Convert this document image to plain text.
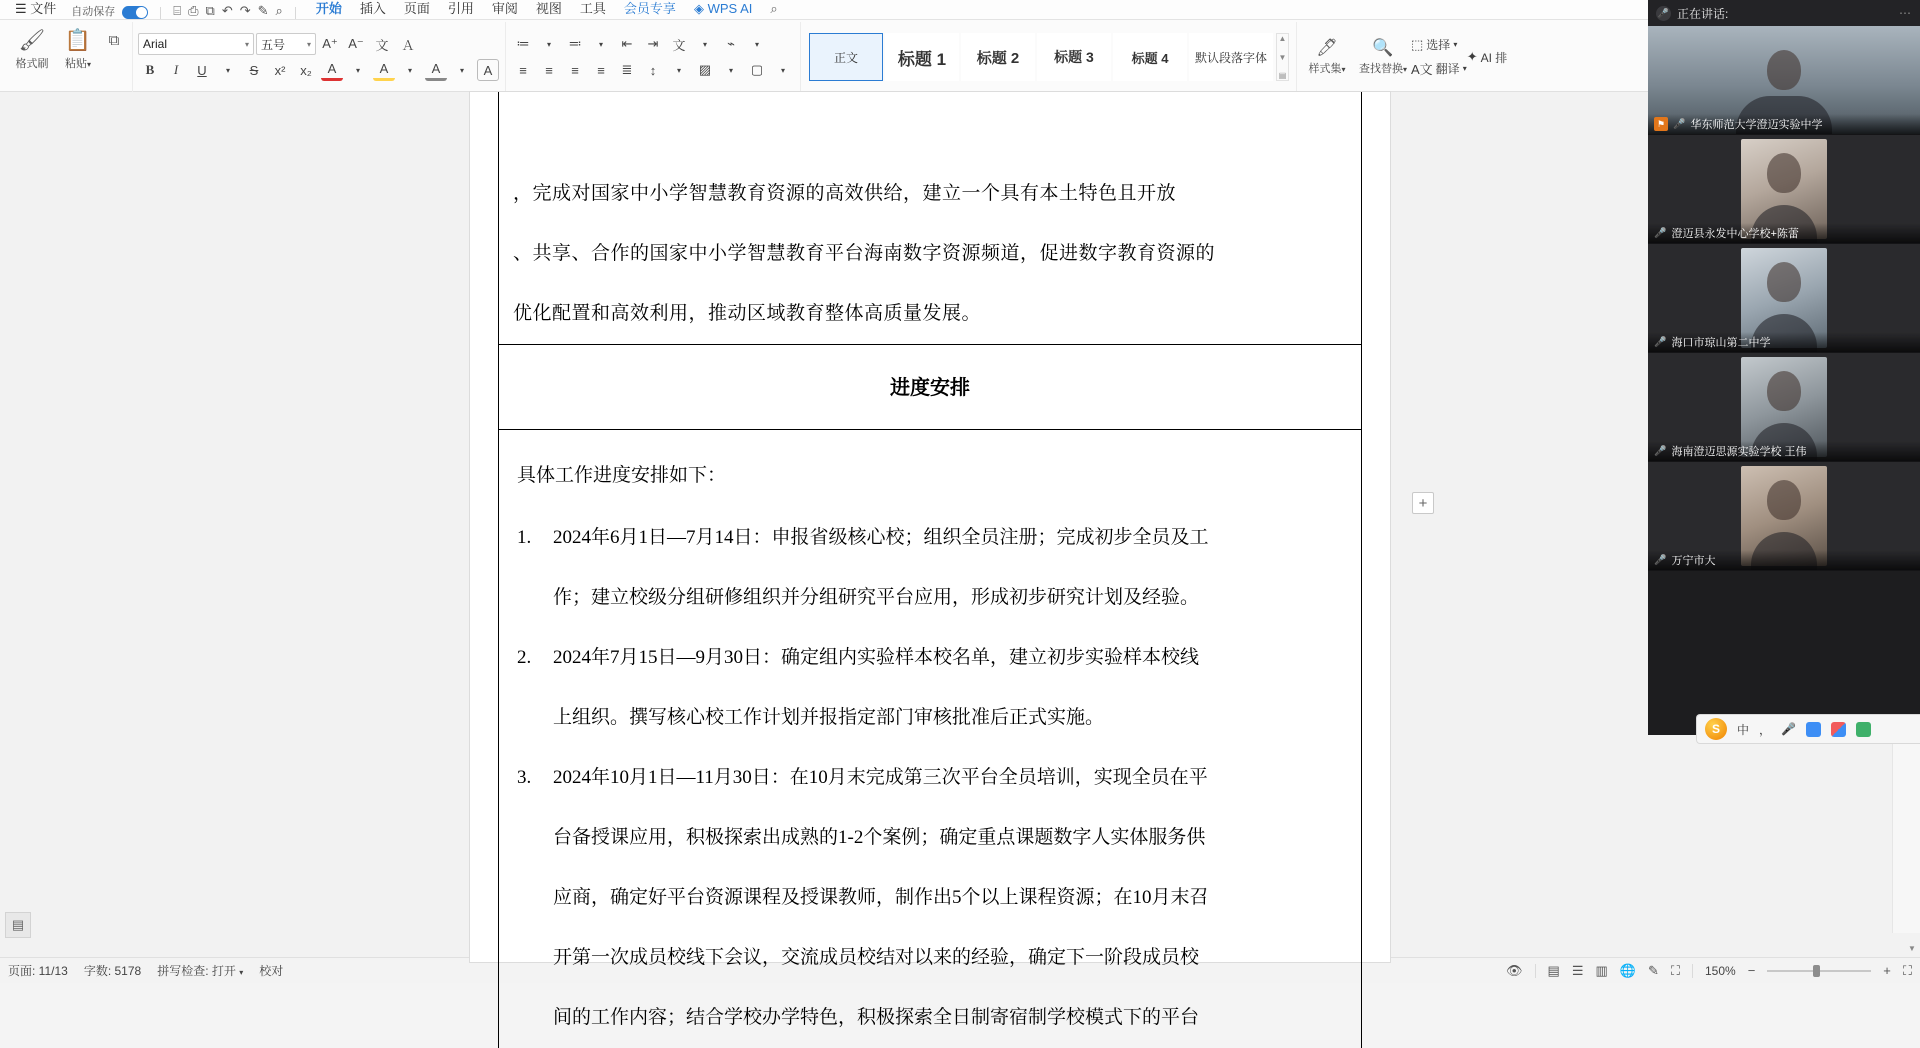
☰ 文件	自动保存	⌸ ⎙ ⧉ ↶ ↷ ✎ ⌕	开始	插入	页面	引用	审阅	视图	工具	会员专享	◈ WPS AI	⌕
🖌
格式刷
📋
粘贴▾
⧉ Arial	▾ 五号	▾ A⁺ A⁻ 文 Ａ
B	I	U	▾	S	x²	x₂	A	▾	A	▾	A	▾	A
≔	▾	≕	▾	⇤	⇥	文	▾	⌁	▾
≡	≡	≡	≡	≣	↕	▾	▨	▾	▢	▾
正文	标题 1	标题 2	标题 3	标题 4	默认段落字体
▲
▼
▤
🖊
样式集▾
🔍
查找替换▾
⬚ 选择 ▾
A文 翻译 ▾
✦ AI 排

，完成对国家中小学智慧教育资源的高效供给，建立一个具有本土特色且开放

、共享、合作的国家中小学智慧教育平台海南数字资源频道，促进数字教育资源的

优化配置和高效利用，推动区域教育整体高质量发展。

进度安排

具体工作进度安排如下：

1.	2024年6月1日—7月14日：申报省级核心校；组织全员注册；完成初步全员及工
作；建立校级分组研修组织并分组研究平台应用，形成初步研究计划及经验。
2.	2024年7月15日—9月30日：确定组内实验样本校名单，建立初步实验样本校线
上组织。撰写核心校工作计划并报指定部门审核批准后正式实施。
3.	2024年10月1日—11月30日：在10月末完成第三次平台全员培训，实现全员在平
台备授课应用，积极探索出成熟的1-2个案例；确定重点课题数字人实体服务供
应商，确定好平台资源课程及授课教师，制作出5个以上课程资源；在10月末召
开第一次成员校线下会议，交流成员校结对以来的经验，确定下一阶段成员校
间的工作内容；结合学校办学特色，积极探索全日制寄宿制学校模式下的平台
+
▤
▼
页面: 11/13 字数: 5178 拼写检查: 打开 ▾ 校对	👁 ▤ ☰ ▥ 🌐 ✎ ⛶ 150% −	+ ⛶
🎤 正在讲话:	⋯
⚑ 🎤 华东师范大学澄迈实验中学
🎤 澄迈县永发中心学校+陈蕾
🎤 海口市琼山第二中学
🎤 海南澄迈思源实验学校 王伟
🎤 万宁市大
S	中 ， 🎤
